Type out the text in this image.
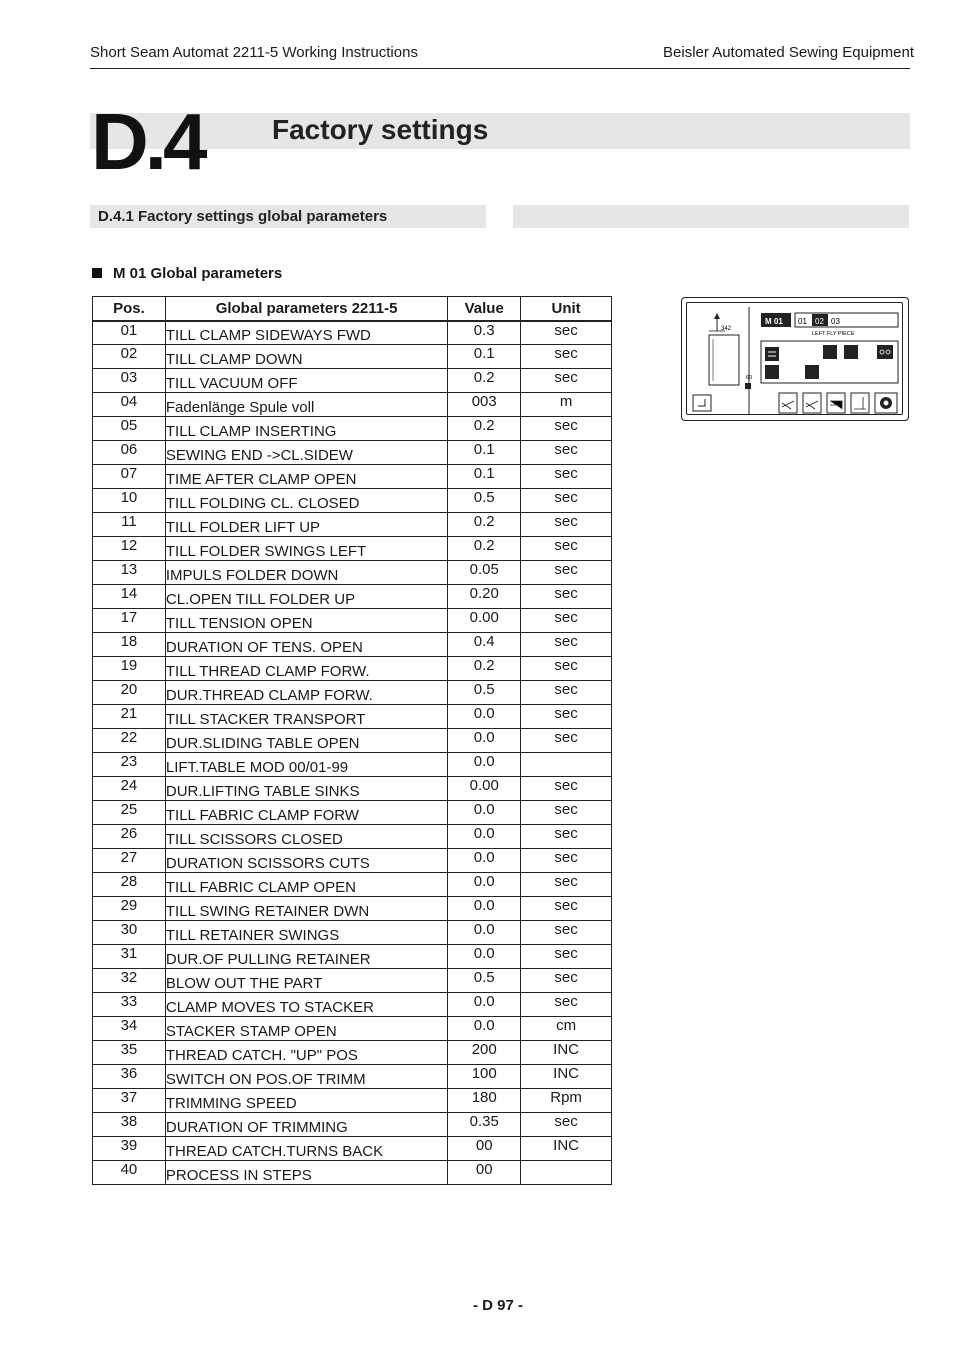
Short Seam Automat 2211-5 Working Instructions	Beisler Automated Sewing Equipment
D.4 Factory settings
D.4.1 Factory settings global parameters
M 01 Global parameters
Pos.	Global parameters 2211-5	Value	Unit
01	TILL CLAMP SIDEWAYS FWD	0.3	sec
02	TILL CLAMP DOWN	0.1	sec
03	TILL VACUUM OFF	0.2	sec
04	Fadenlänge Spule voll	003	m
05	TILL CLAMP INSERTING	0.2	sec
06	SEWING END ->CL.SIDEW	0.1	sec
07	TIME AFTER CLAMP OPEN	0.1	sec
10	TILL FOLDING CL. CLOSED	0.5	sec
11	TILL FOLDER LIFT UP	0.2	sec
12	TILL FOLDER SWINGS LEFT	0.2	sec
13	IMPULS FOLDER DOWN	0.05	sec
14	CL.OPEN TILL FOLDER UP	0.20	sec
17	TILL TENSION OPEN	0.00	sec
18	DURATION OF TENS. OPEN	0.4	sec
19	TILL THREAD CLAMP FORW.	0.2	sec
20	DUR.THREAD CLAMP FORW.	0.5	sec
21	TILL STACKER TRANSPORT	0.0	sec
22	DUR.SLIDING TABLE OPEN	0.0	sec
23	LIFT.TABLE MOD 00/01-99	0.0	
24	DUR.LIFTING TABLE SINKS	0.00	sec
25	TILL FABRIC CLAMP FORW	0.0	sec
26	TILL SCISSORS CLOSED	0.0	sec
27	DURATION SCISSORS CUTS	0.0	sec
28	TILL FABRIC CLAMP OPEN	0.0	sec
29	TILL SWING RETAINER DWN	0.0	sec
30	TILL RETAINER SWINGS	0.0	sec
31	DUR.OF PULLING RETAINER	0.0	sec
32	BLOW OUT THE PART	0.5	sec
33	CLAMP MOVES TO STACKER	0.0	sec
34	STACKER STAMP OPEN	0.0	cm
35	THREAD CATCH. "UP" POS	200	INC
36	SWITCH ON POS.OF TRIMM	100	INC
37	TRIMMING SPEED	180	Rpm
38	DURATION OF TRIMMING	0.35	sec
39	THREAD CATCH.TURNS BACK	00	INC
40	PROCESS IN STEPS	00	
342
60
M 01 01 02 03
LEFT FLY PIECE
- D 97 -
